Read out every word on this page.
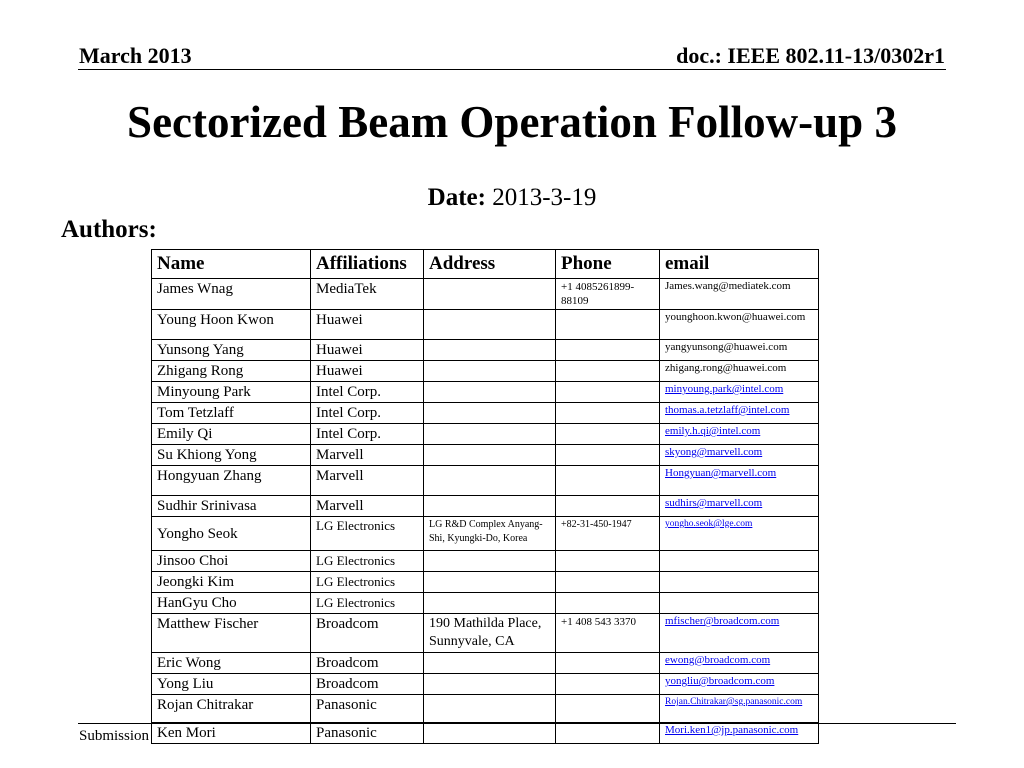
March 2013	doc.: IEEE 802.11-13/0302r1
Sectorized Beam Operation Follow-up 3
Date: 2013-3-19
Authors:
Name	Affiliations	Address	Phone	email
James Wnag	MediaTek		+1 4085261899-88109	James.wang@mediatek.com
Young Hoon Kwon	Huawei			younghoon.kwon@huawei.com
Yunsong Yang	Huawei			yangyunsong@huawei.com
Zhigang Rong	Huawei			zhigang.rong@huawei.com
Minyoung Park	Intel Corp.			minyoung.park@intel.com
Tom Tetzlaff	Intel Corp.			thomas.a.tetzlaff@intel.com
Emily Qi	Intel Corp.			emily.h.qi@intel.com
Su Khiong Yong	Marvell			skyong@marvell.com
Hongyuan Zhang	Marvell			Hongyuan@marvell.com
Sudhir Srinivasa	Marvell			sudhirs@marvell.com
Yongho Seok	LG Electronics	LG R&D Complex Anyang-Shi, Kyungki-Do, Korea	+82-31-450-1947	yongho.seok@lge.com
Jinsoo Choi	LG Electronics			
Jeongki Kim	LG Electronics			
HanGyu Cho	LG Electronics			
Matthew Fischer	Broadcom	190 Mathilda Place, Sunnyvale, CA	+1 408 543 3370	mfischer@broadcom.com
Eric Wong	Broadcom			ewong@broadcom.com
Yong Liu	Broadcom			yongliu@broadcom.com
Rojan Chitrakar	Panasonic			Rojan.Chitrakar@sg.panasonic.com
Ken Mori	Panasonic			Mori.ken1@jp.panasonic.com
Submission
